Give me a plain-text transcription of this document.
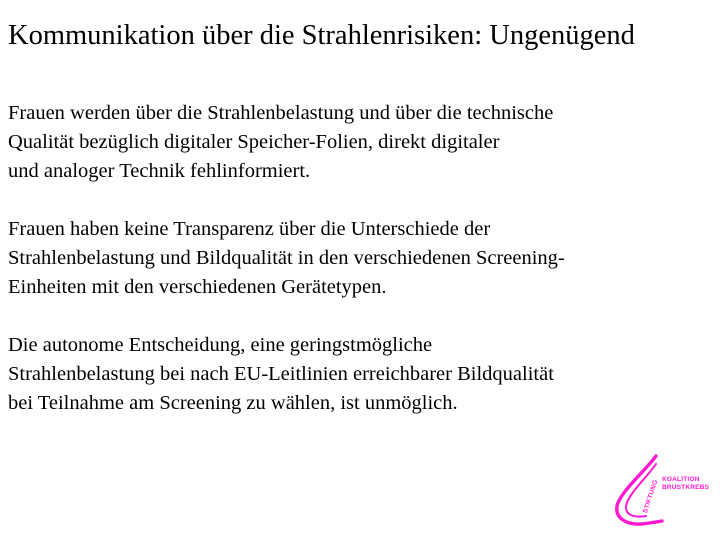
Kommunikation über die Strahlenrisiken: Ungenügend

Frauen werden über die Strahlenbelastung und über die technische
Qualität bezüglich digitaler Speicher-Folien, direkt digitaler
und analoger Technik fehlinformiert.

Frauen haben keine Transparenz über die Unterschiede der
Strahlenbelastung und Bildqualität in den verschiedenen Screening-
Einheiten mit den verschiedenen Gerätetypen.

Die autonome Entscheidung, eine geringstmögliche
Strahlenbelastung bei nach EU-Leitlinien erreichbarer Bildqualität
bei Teilnahme am Screening zu wählen, ist unmöglich.

KOALITION
BRUSTKREBS
STIFTUNG
